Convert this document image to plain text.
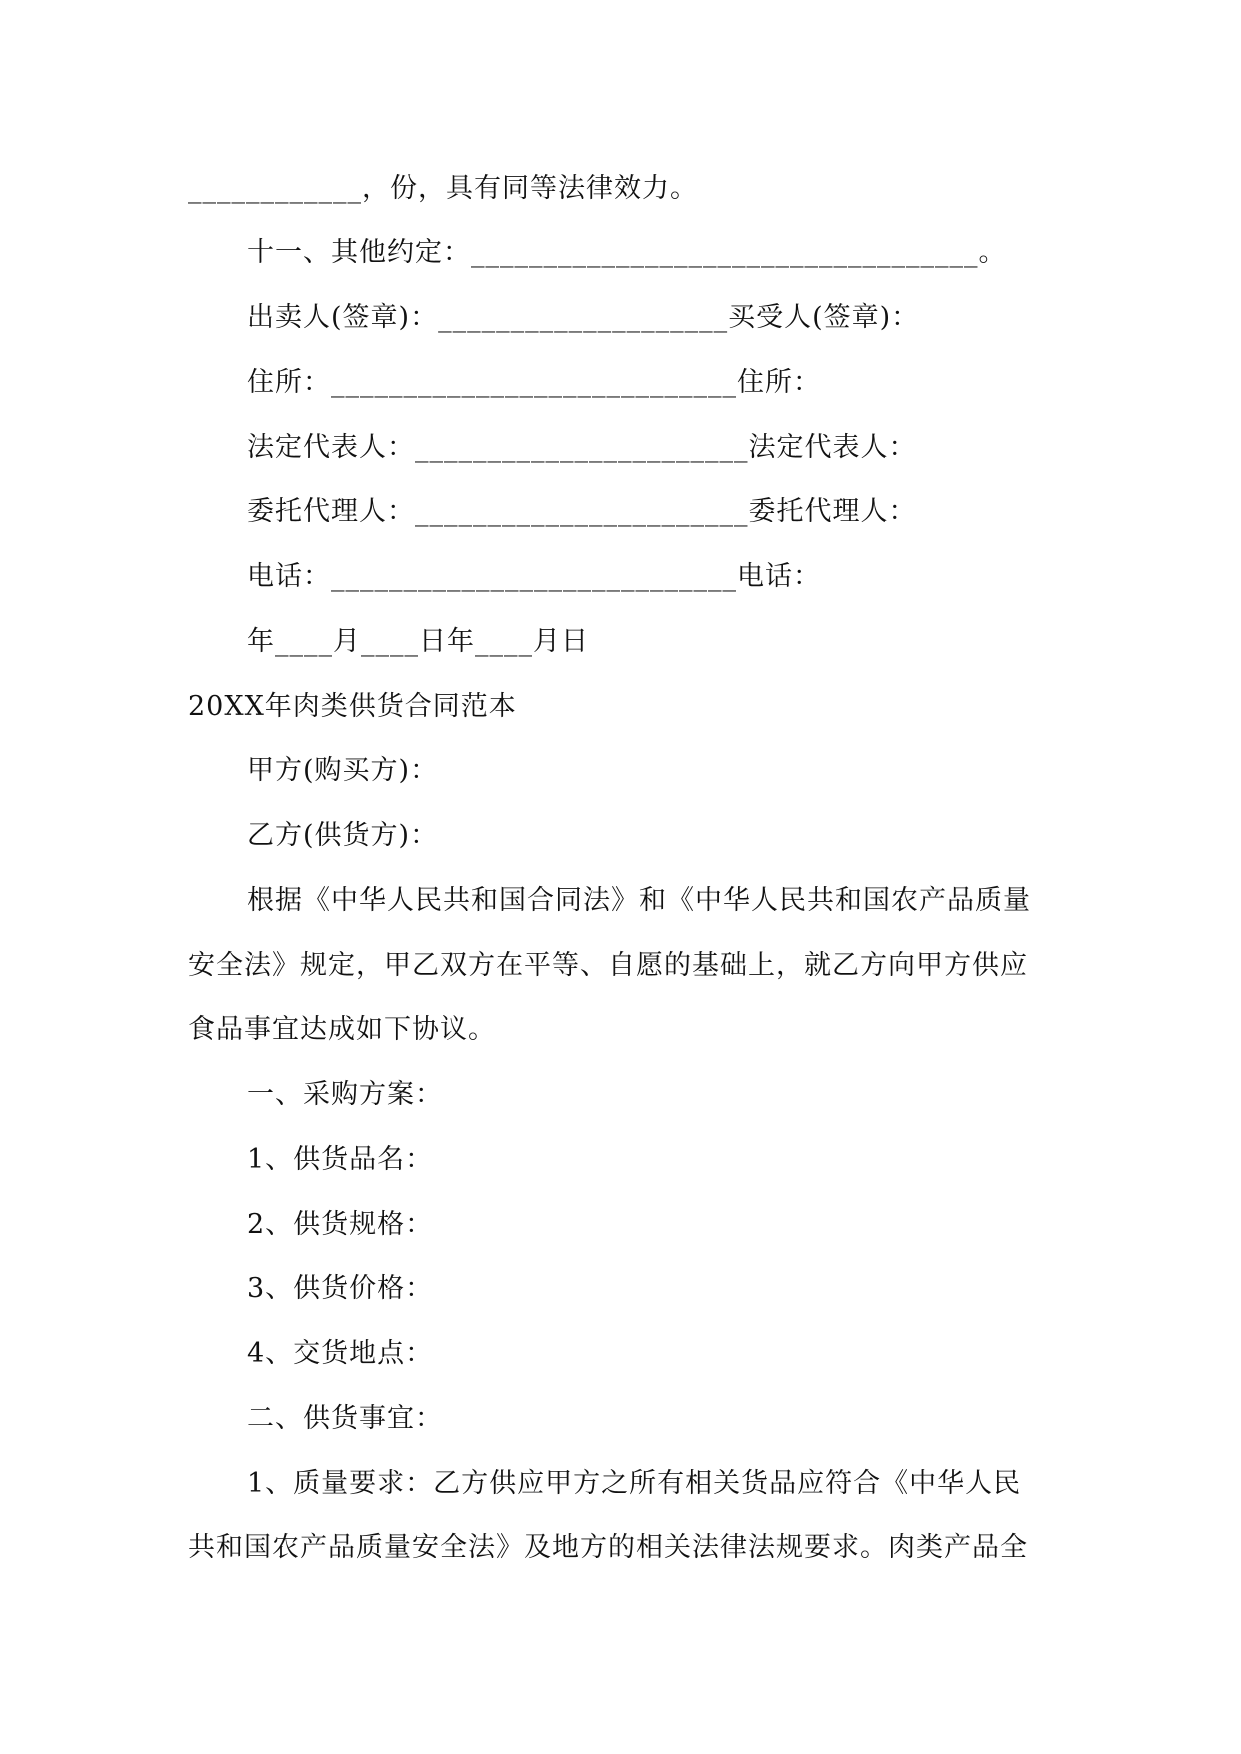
____________，份，具有同等法律效力。
十一、其他约定：___________________________________。
出卖人(签章)：____________________买受人(签章)：
住所：____________________________住所：
法定代表人：_______________________法定代表人：
委托代理人：_______________________委托代理人：
电话：____________________________电话：
年____月____日年____月日
20XX年肉类供货合同范本
甲方(购买方)：
乙方(供货方)：
根据《中华人民共和国合同法》和《中华人民共和国农产品质量
安全法》规定，甲乙双方在平等、自愿的基础上，就乙方向甲方供应
食品事宜达成如下协议。
一、采购方案：
1、供货品名：
2、供货规格：
3、供货价格：
4、交货地点：
二、供货事宜：
1、质量要求：乙方供应甲方之所有相关货品应符合《中华人民
共和国农产品质量安全法》及地方的相关法律法规要求。肉类产品全
